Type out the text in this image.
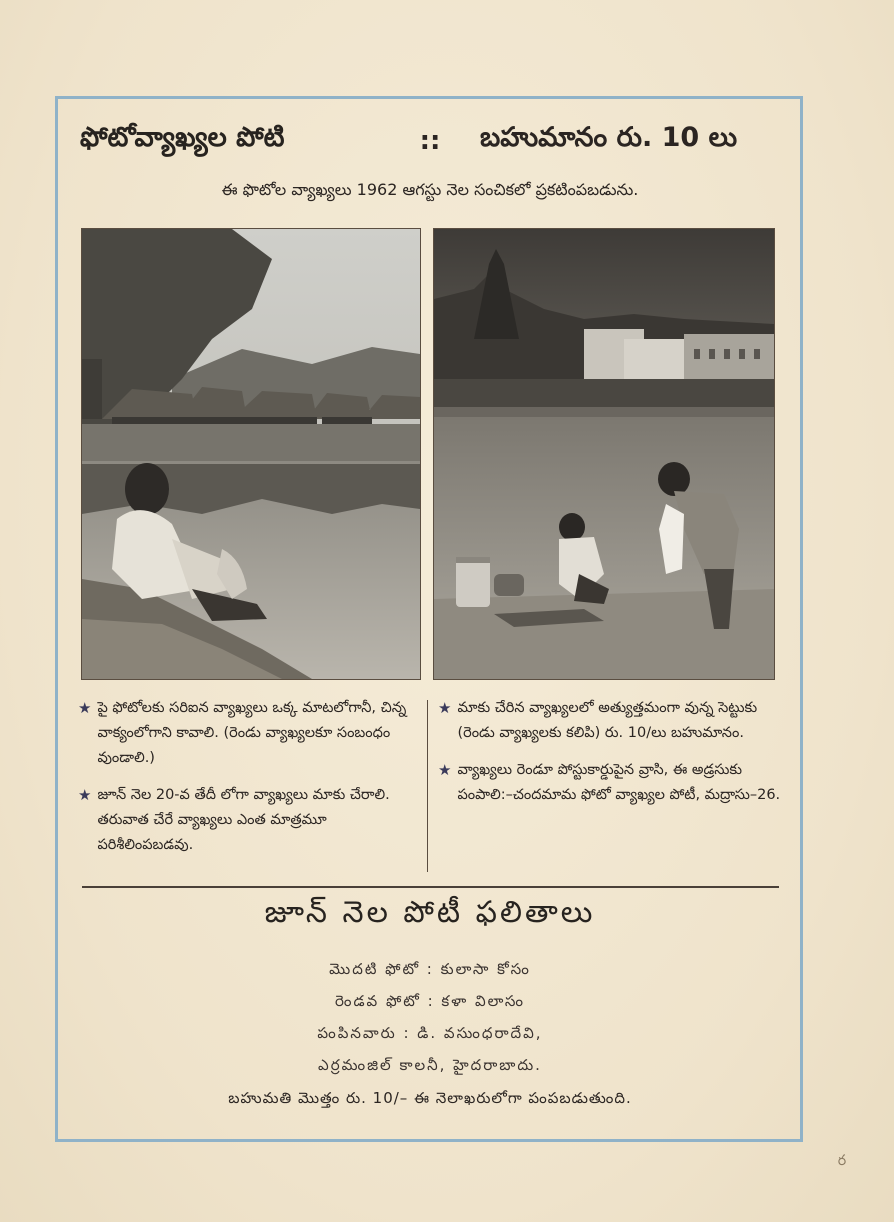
ఫోటోవ్యాఖ్యల పోటి	::	బహుమానం రు. 10 లు
ఈ ఫొటోల వ్యాఖ్యలు 1962 ఆగస్టు నెల సంచికలో ప్రకటింపబడును.
★ పై ఫోటోలకు సరిఐన వ్యాఖ్యలు ఒక్క మాటలోగానీ, చిన్న వాక్యంలోగాని కావాలి. (రెండు వ్యాఖ్యలకూ సంబంధం వుండాలి.)
★ జూన్ నెల 20-వ తేదీ లోగా వ్యాఖ్యలు మాకు చేరాలి. తరువాత చేరే వ్యాఖ్యలు ఎంత మాత్రమూ పరిశీలింపబడవు.
★ మాకు చేరిన వ్యాఖ్యలలో అత్యుత్తమంగా వున్న సెట్టుకు (రెండు వ్యాఖ్యలకు కలిపి) రు. 10/లు బహుమానం.
★ వ్యాఖ్యలు రెండూ పోస్టుకార్డుపైన వ్రాసి, ఈ అడ్రసుకు పంపాలి:–చందమామ ఫోటో వ్యాఖ్యల పోటీ, మద్రాసు–26.
జూన్ నెల పోటీ ఫలితాలు
మొదటి ఫోటో : కులాసా కోసం
రెండవ ఫోటో : కళా విలాసం
పంపినవారు : డి. వసుంధరాదేవి,
ఎర్రమంజిల్ కాలనీ, హైదరాబాదు.
బహుమతి మొత్తం రు. 10/– ఈ నెలాఖరులోగా పంపబడుతుంది.
ర
